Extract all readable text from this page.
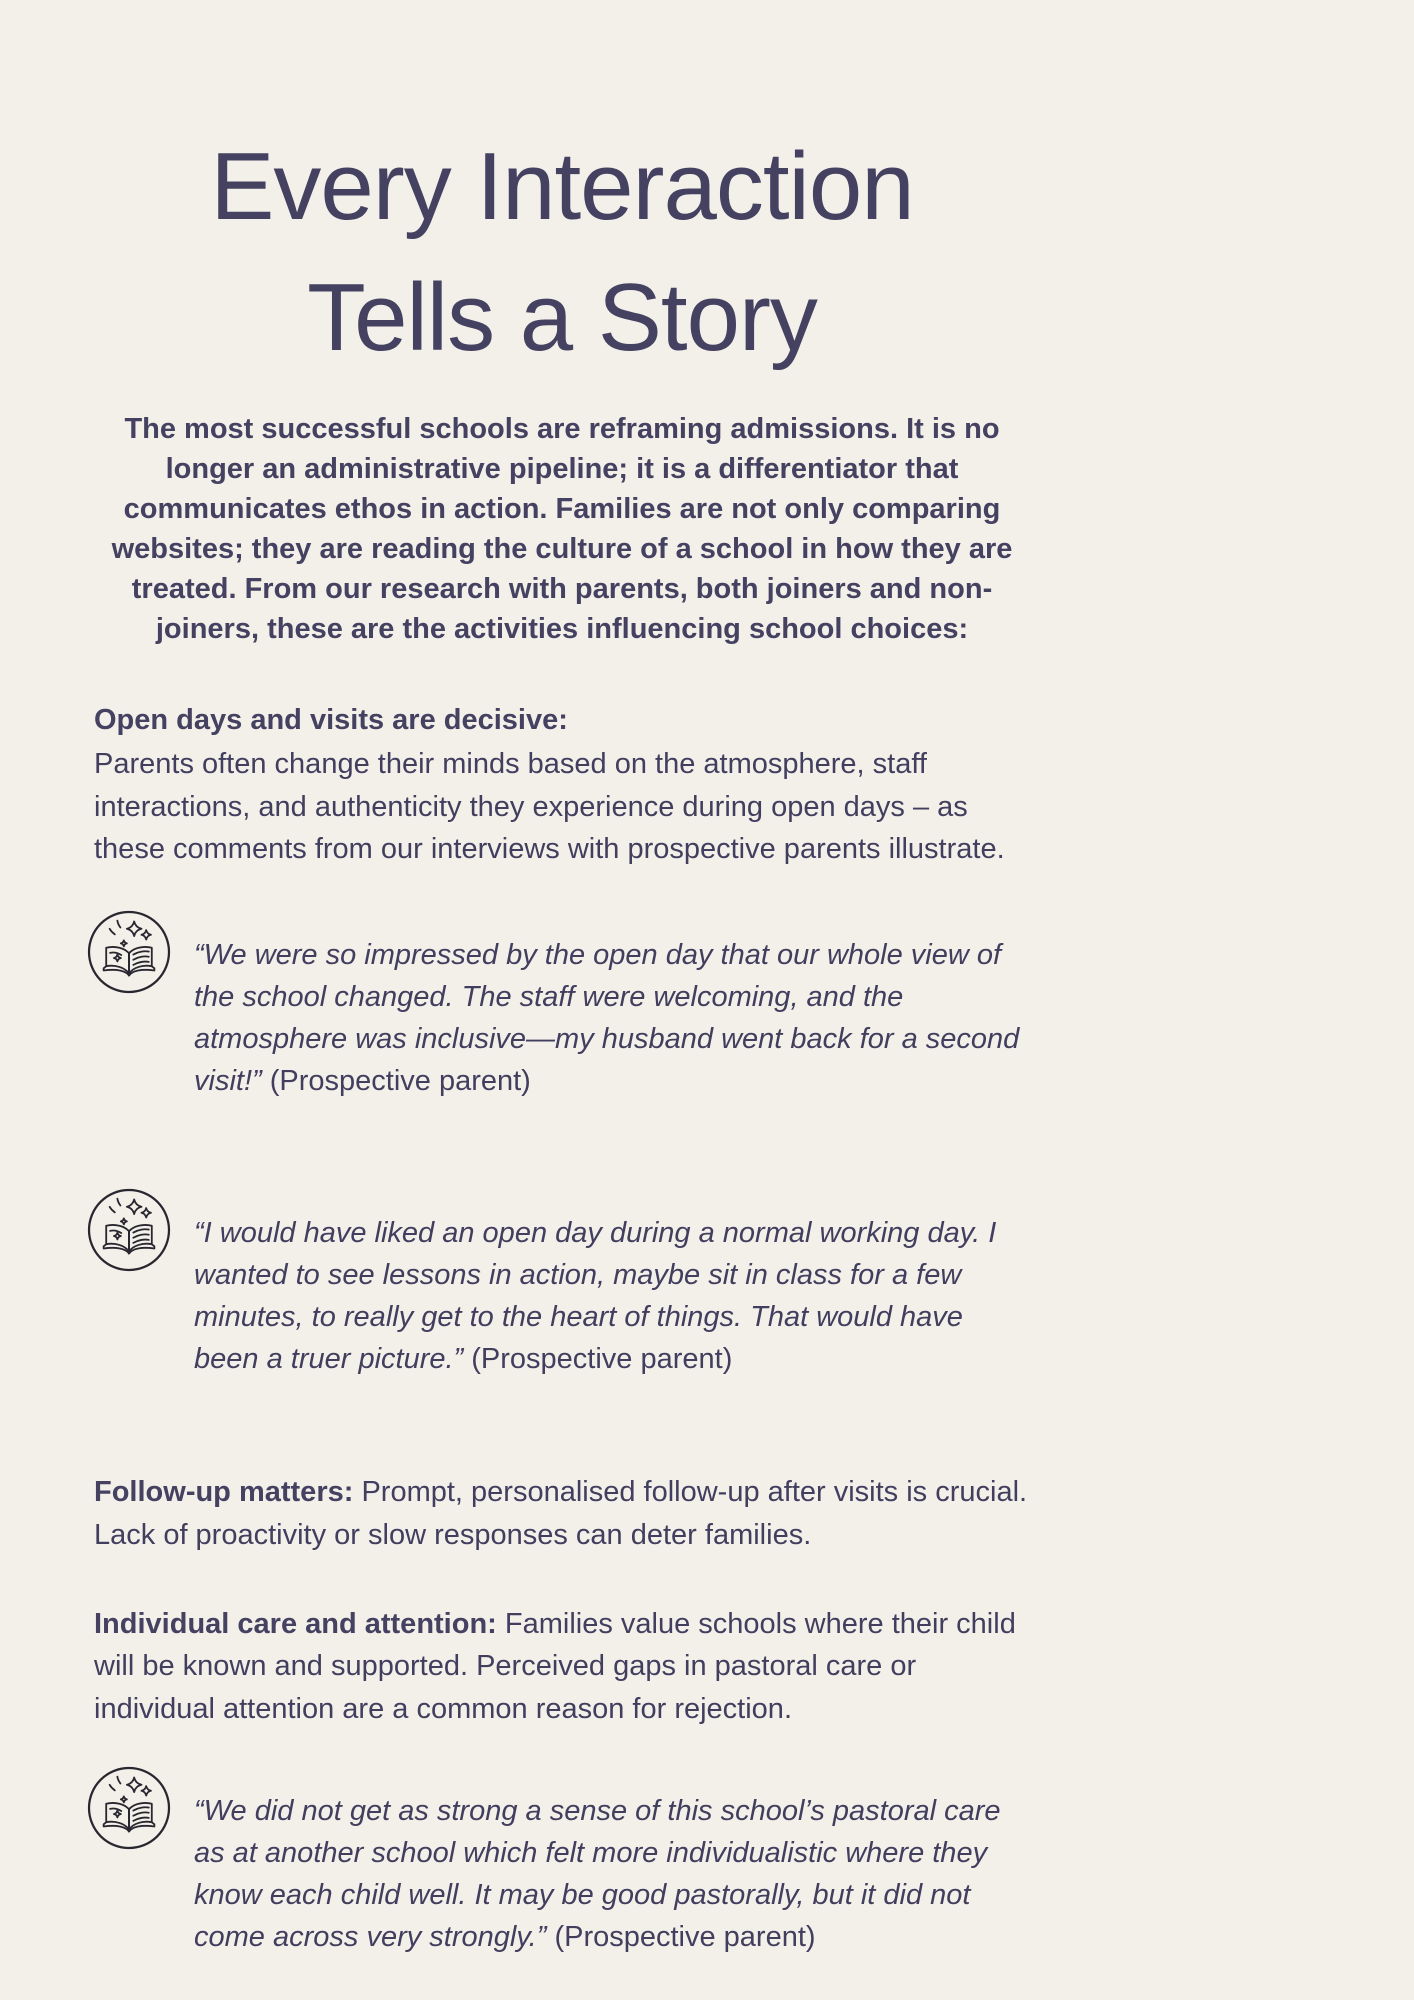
Every Interaction
Tells a Story

The most successful schools are reframing admissions. It is no longer an administrative pipeline; it is a differentiator that communicates ethos in action. Families are not only comparing websites; they are reading the culture of a school in how they are treated. From our research with parents, both joiners and non-joiners, these are the activities influencing school choices:

Open days and visits are decisive:

Parents often change their minds based on the atmosphere, staff interactions, and authenticity they experience during open days – as these comments from our interviews with prospective parents illustrate.

“We were so impressed by the open day that our whole view of the school changed. The staff were welcoming, and the atmosphere was inclusive—my husband went back for a second visit!” (Prospective parent)

“I would have liked an open day during a normal working day. I wanted to see lessons in action, maybe sit in class for a few minutes, to really get to the heart of things. That would have been a truer picture.” (Prospective parent)

Follow-up matters: Prompt, personalised follow-up after visits is crucial. Lack of proactivity or slow responses can deter families.

Individual care and attention: Families value schools where their child will be known and supported. Perceived gaps in pastoral care or individual attention are a common reason for rejection.

“We did not get as strong a sense of this school’s pastoral care as at another school which felt more individualistic where they know each child well. It may be good pastorally, but it did not come across very strongly.” (Prospective parent)
